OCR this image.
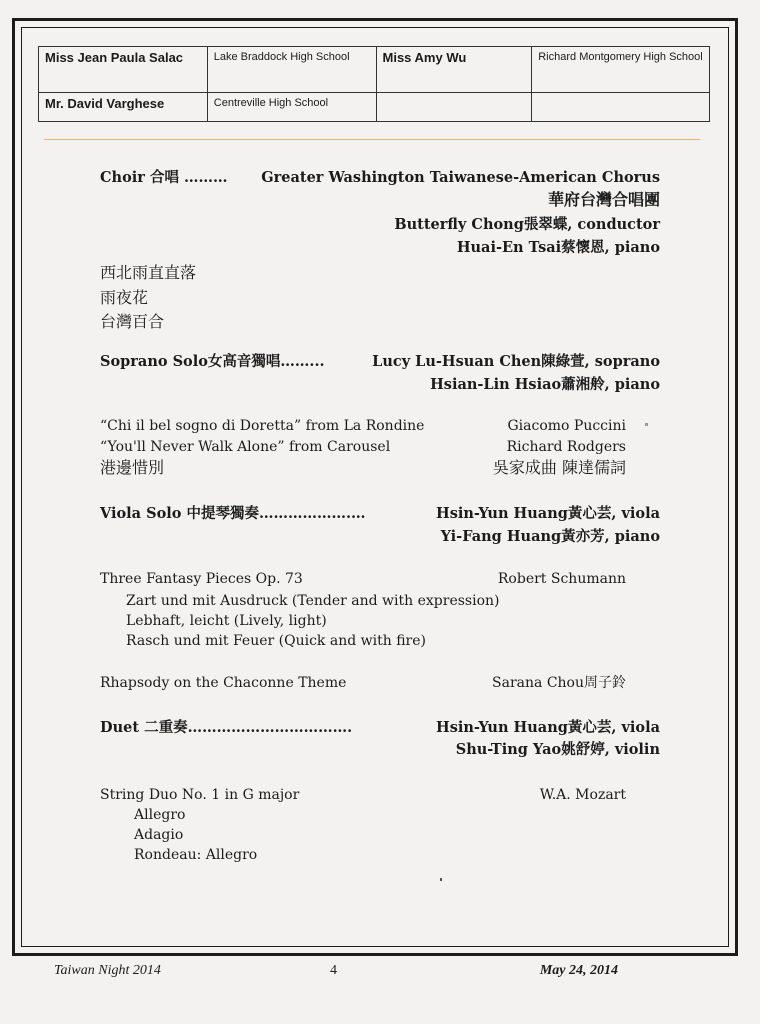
Miss Jean Paula Salac	Lake Braddock High School	Miss Amy Wu	Richard Montgomery High School
Mr. David Varghese	Centreville High School		
Choir 合唱 ……… Greater Washington Taiwanese-American Chorus
華府台灣合唱團
Butterfly Chong張翠蝶, conductor
Huai-En Tsai蔡懷恩, piano
西北雨直直落
雨夜花
台灣百合
Soprano Solo女高音獨唱……...	Lucy Lu-Hsuan Chen陳綠萱, soprano
Hsian-Lin Hsiao蕭湘舲, piano
“Chi il bel sogno di Doretta” from La Rondine	Giacomo Puccini
“You'll Never Walk Alone” from Carousel	Richard Rodgers
港邊惜別	吳家成曲 陳達儒詞
Viola Solo 中提琴獨奏……………….…	Hsin-Yun Huang黃心芸, viola
Yi-Fang Huang黃亦芳, piano
Three Fantasy Pieces Op. 73	Robert Schumann
Zart und mit Ausdruck (Tender and with expression)
Lebhaft, leicht (Lively, light)
Rasch und mit Feuer (Quick and with fire)
Rhapsody on the Chaconne Theme	Sarana Chou周子鈴
Duet 二重奏…………………………….	Hsin-Yun Huang黃心芸, viola
Shu-Ting Yao姚舒婷, violin
String Duo No. 1 in G major	W.A. Mozart
Allegro
Adagio
Rondeau: Allegro
Taiwan Night 2014	4	May 24, 2014
